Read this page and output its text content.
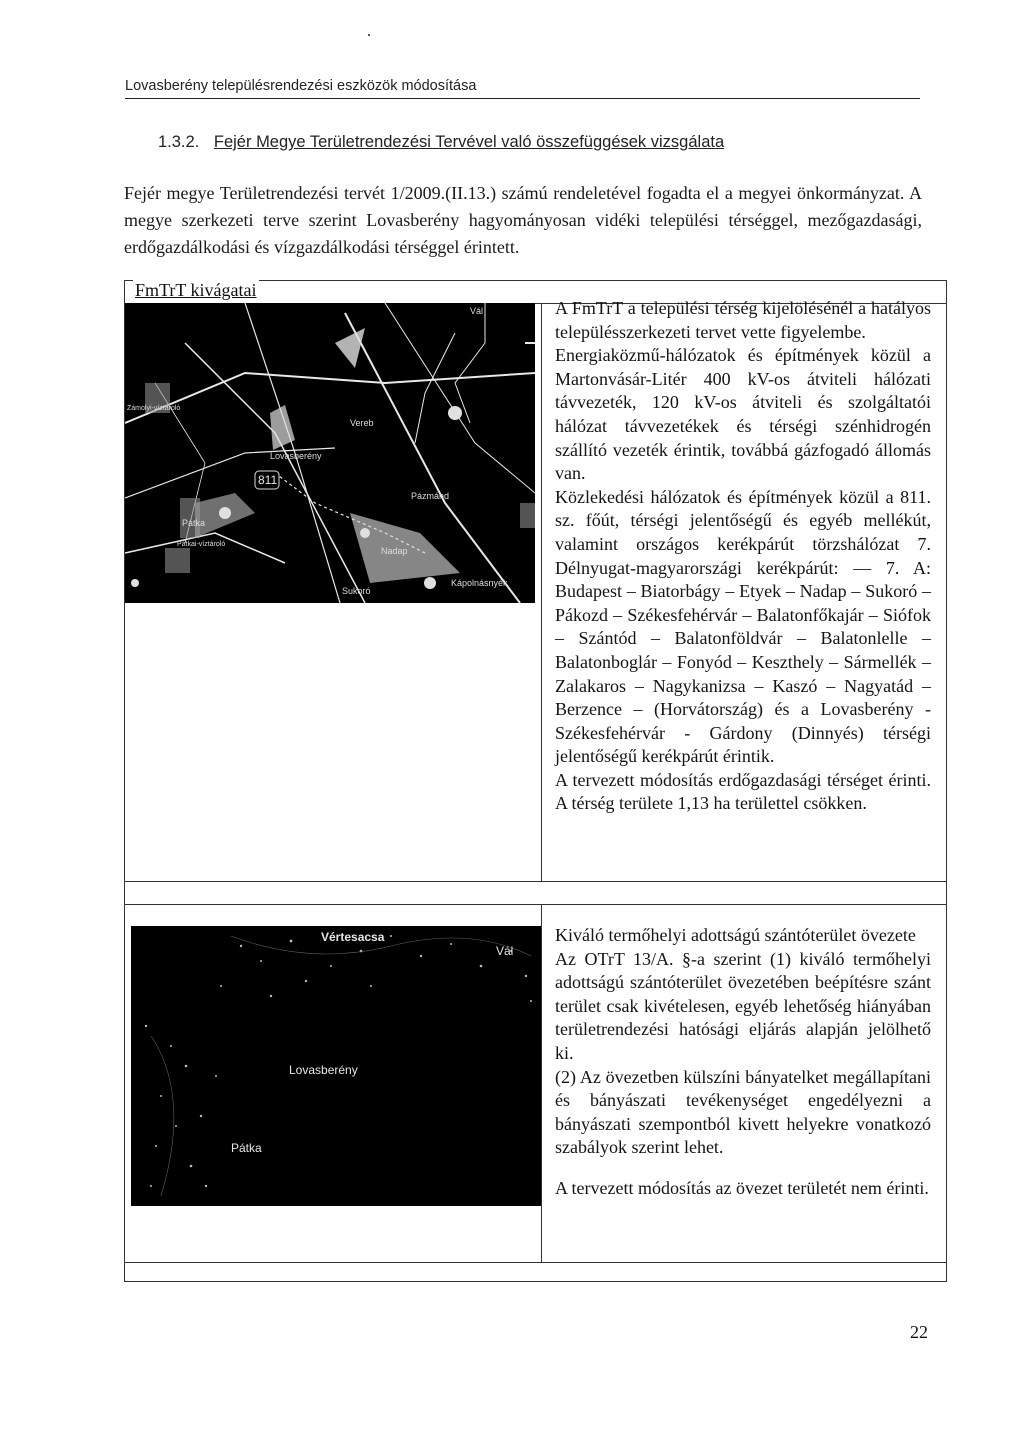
Lovasberény településrendezési eszközök módosítása
1.3.2. Fejér Megye Területrendezési Tervével való összefüggések vizsgálata
Fejér megye Területrendezési tervét 1/2009.(II.13.) számú rendeletével fogadta el a megyei önkormányzat. A megye szerkezeti terve szerint Lovasberény hagyományosan vidéki települési térséggel, mezőgazdasági, erdőgazdálkodási és vízgazdálkodási térséggel érintett.
FmTrT kivágatai
Vál
Zámolyi-víztároló
Vereb
Lovasberény
811
Pázmánd
Pátka
Pátkai-víztároló
Nadap
Sukoró
Kápolnásnyék
Vértesacsa
Vál
Lovasberény
Pátka

A FmTrT a települési térség kijelölésénél a hatályos településszerkezeti tervet vette figyelembe.

Energiaközmű-hálózatok és építmények közül a Martonvásár-Litér 400 kV-os átviteli hálózati távvezeték, 120 kV-os átviteli és szolgáltatói hálózat távvezetékek és térségi szénhidrogén szállító vezeték érintik, továbbá gázfogadó állomás van.

Közlekedési hálózatok és építmények közül a 811. sz. főút, térségi jelentőségű és egyéb mellékút, valamint országos kerékpárút törzshálózat 7. Délnyugat-magyarországi kerékpárút: — 7. A: Budapest – Biatorbágy – Etyek – Nadap – Sukoró – Pákozd – Székesfehérvár – Balatonfőkajár – Siófok – Szántód – Balatonföldvár – Balatonlelle – Balatonboglár – Fonyód – Keszthely – Sármellék – Zalakaros – Nagykanizsa – Kaszó – Nagyatád – Berzence – (Horvátország) és a Lovasberény - Székesfehérvár - Gárdony (Dinnyés) térségi jelentőségű kerékpárút érintik.

A tervezett módosítás erdőgazdasági térséget érinti. A térség területe 1,13 ha területtel csökken.

Kiváló termőhelyi adottságú szántóterület övezete

Az OTrT 13/A. §-a szerint (1) kiváló termőhelyi adottságú szántóterület övezetében beépítésre szánt terület csak kivételesen, egyéb lehetőség hiányában területrendezési hatósági eljárás alapján jelölhető ki.

(2) Az övezetben külszíni bányatelket megállapítani és bányászati tevékenységet engedélyezni a bányászati szempontból kivett helyekre vonatkozó szabályok szerint lehet.

A tervezett módosítás az övezet területét nem érinti.

22
